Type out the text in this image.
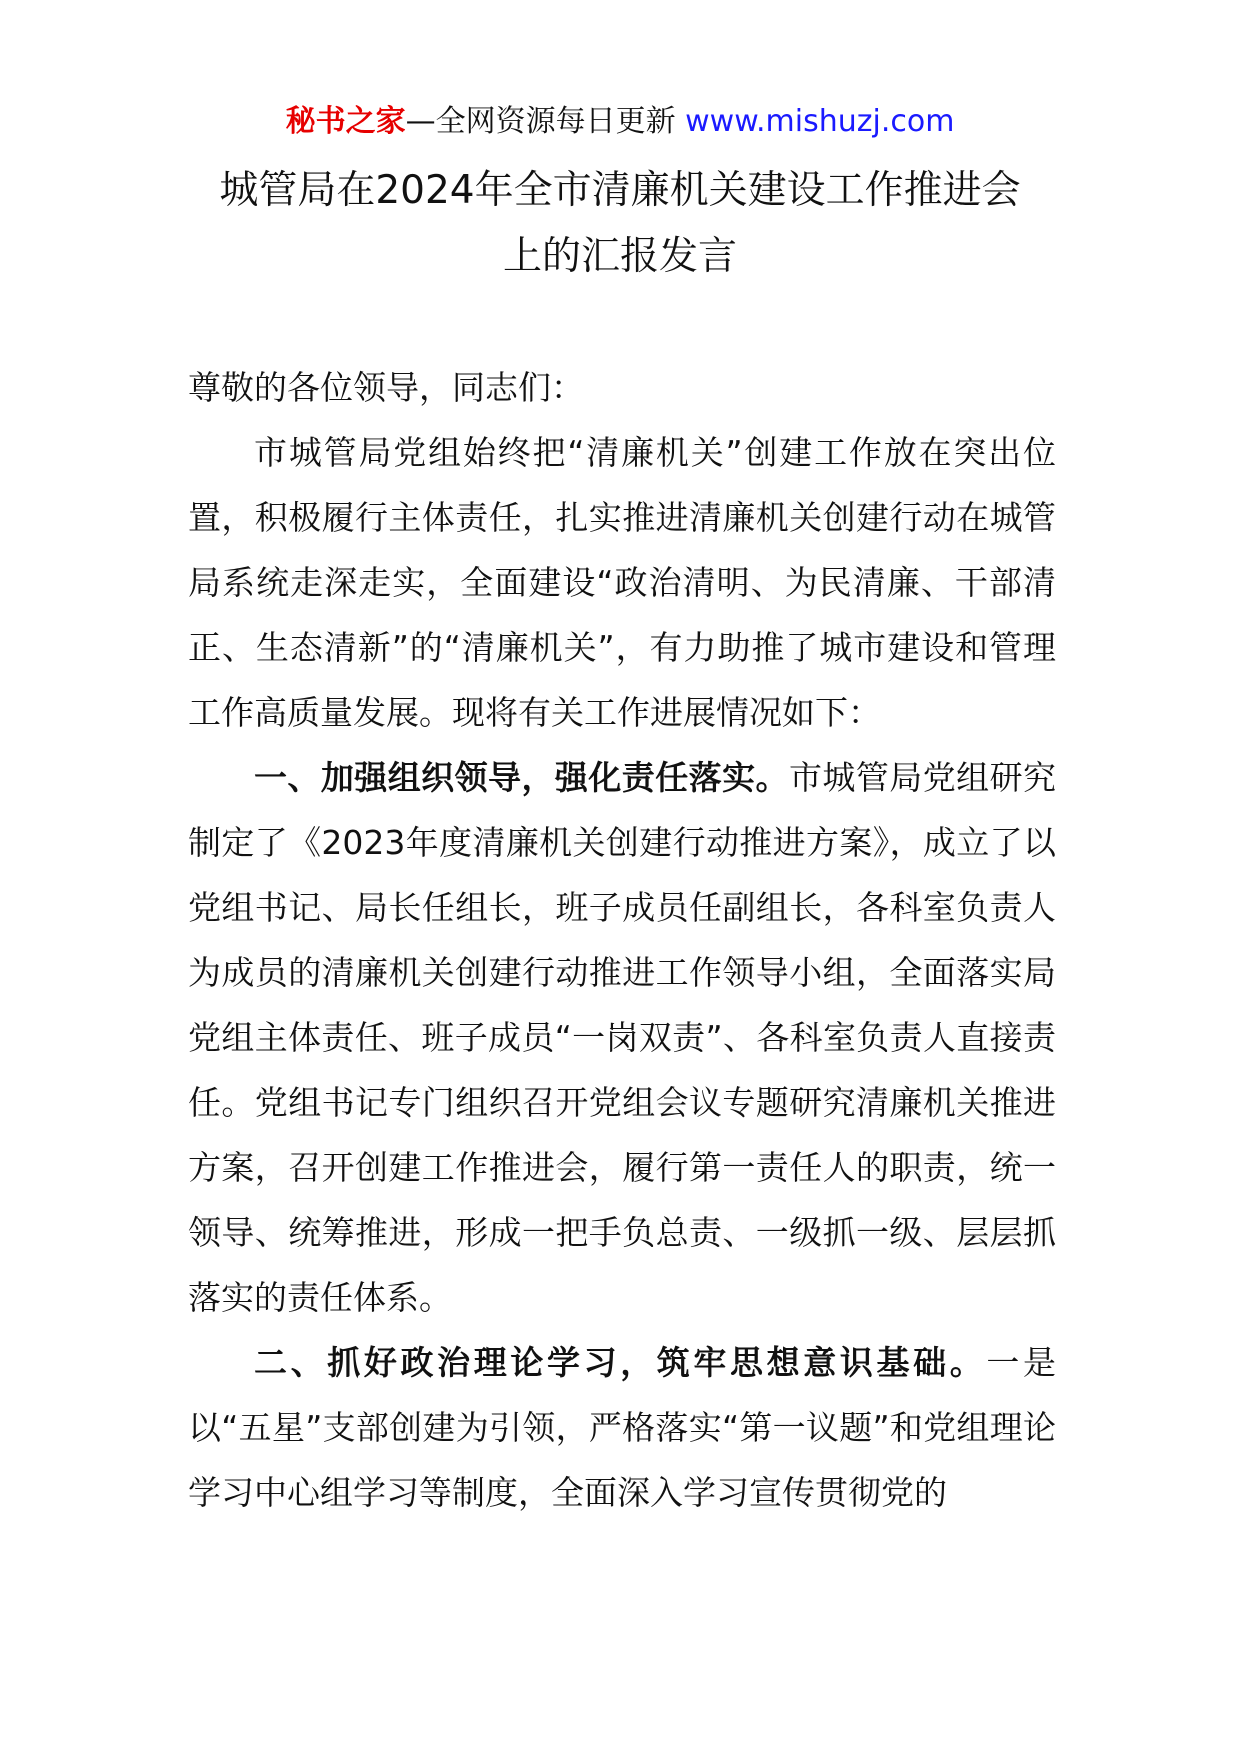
秘书之家—全网资源每日更新 www.mishuzj.com
城管局在2024年全市清廉机关建设工作推进会
上的汇报发言

尊敬的各位领导，同志们：

市城管局党组始终把“清廉机关”创建工作放在突出位置，积极履行主体责任，扎实推进清廉机关创建行动在城管局系统走深走实，全面建设“政治清明、为民清廉、干部清正、生态清新”的“清廉机关”，有力助推了城市建设和管理工作高质量发展。现将有关工作进展情况如下：

一、加强组织领导，强化责任落实。市城管局党组研究制定了《2023年度清廉机关创建行动推进方案》，成立了以党组书记、局长任组长，班子成员任副组长，各科室负责人为成员的清廉机关创建行动推进工作领导小组，全面落实局党组主体责任、班子成员“一岗双责”、各科室负责人直接责任。党组书记专门组织召开党组会议专题研究清廉机关推进方案，召开创建工作推进会，履行第一责任人的职责，统一领导、统筹推进，形成一把手负总责、一级抓一级、层层抓落实的责任体系。

二、抓好政治理论学习，筑牢思想意识基础。一是以“五星”支部创建为引领，严格落实“第一议题”和党组理论学习中心组学习等制度，全面深入学习宣传贯彻党的
